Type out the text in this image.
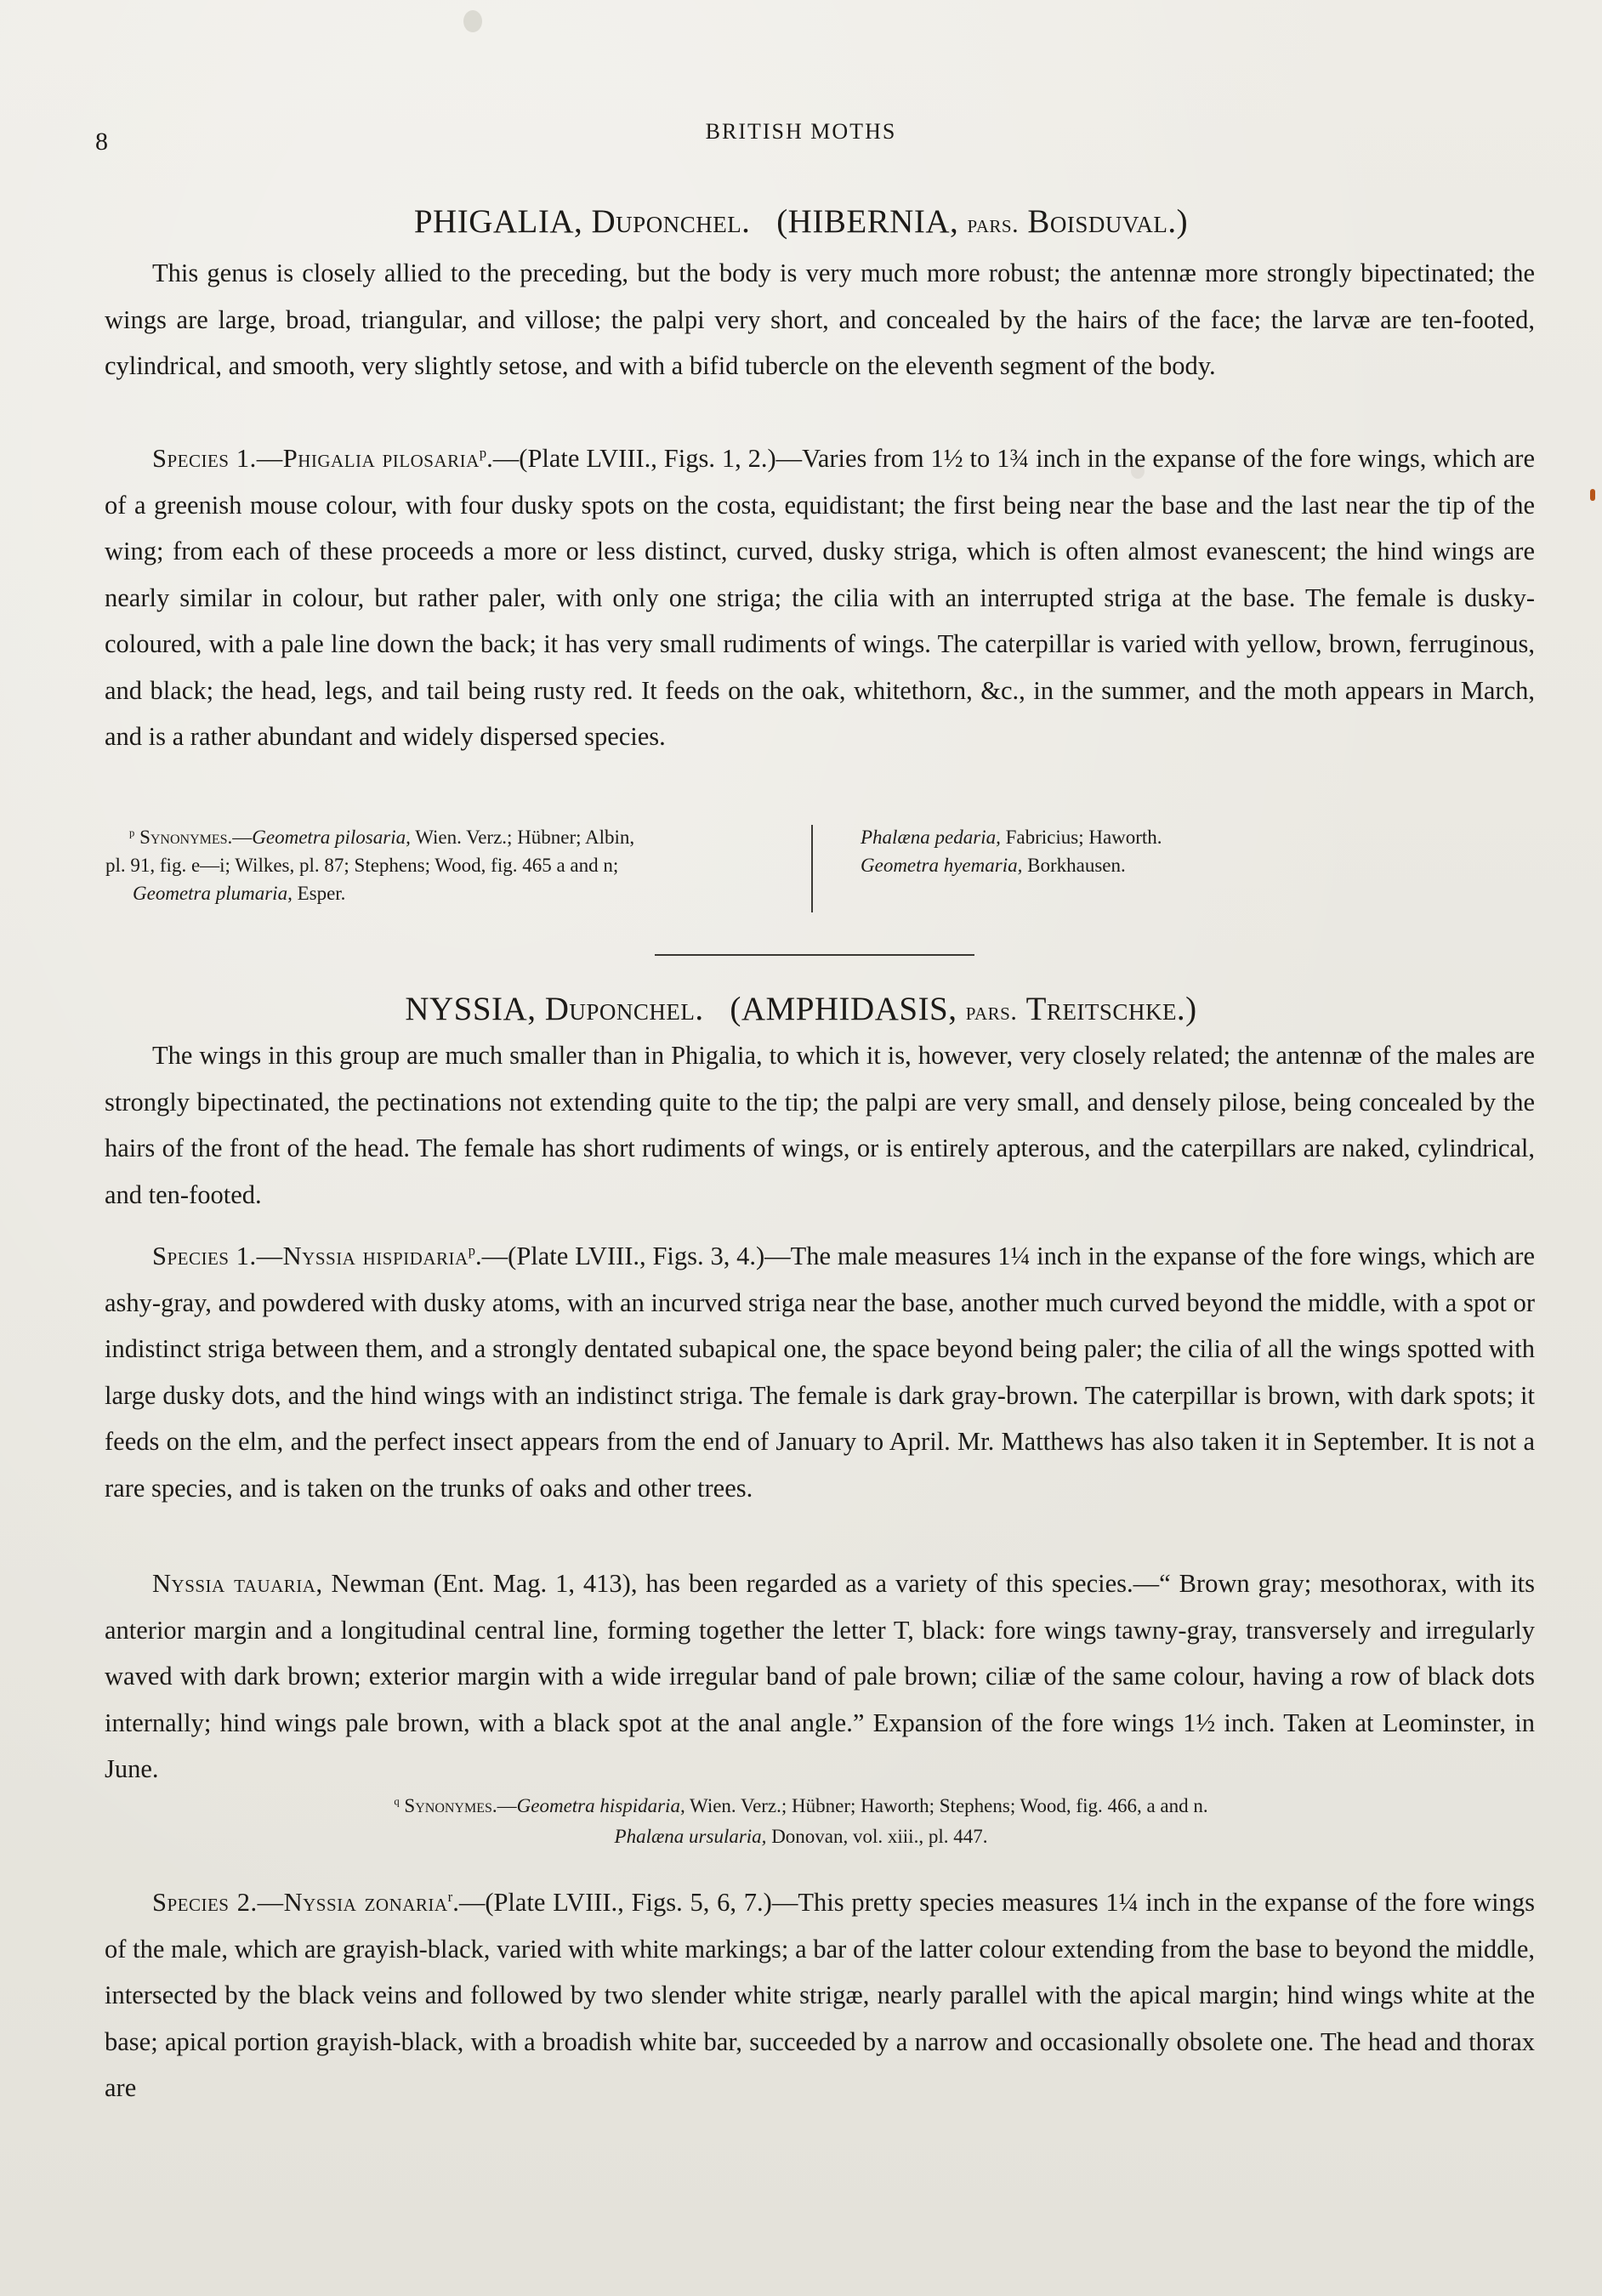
8	BRITISH MOTHS
PHIGALIA, Duponchel. (HIBERNIA, pars. Boisduval.)

This genus is closely allied to the preceding, but the body is very much more robust; the antennæ more strongly bipectinated; the wings are large, broad, triangular, and villose; the palpi very short, and concealed by the hairs of the face; the larvæ are ten-footed, cylindrical, and smooth, very slightly setose, and with a bifid tubercle on the eleventh segment of the body.

Species 1.—Phigalia pilosaria$^p$.—(Plate LVIII., Figs. 1, 2.)—Varies from 1½ to 1¾ inch in the expanse of the fore wings, which are of a greenish mouse colour, with four dusky spots on the costa, equidistant; the first being near the base and the last near the tip of the wing; from each of these proceeds a more or less distinct, curved, dusky striga, which is often almost evanescent; the hind wings are nearly similar in colour, but rather paler, with only one striga; the cilia with an interrupted striga at the base. The female is dusky-coloured, with a pale line down the back; it has very small rudiments of wings. The caterpillar is varied with yellow, brown, ferruginous, and black; the head, legs, and tail being rusty red. It feeds on the oak, whitethorn, &c., in the summer, and the moth appears in March, and is a rather abundant and widely dispersed species.

$^p$ Synonymes.—Geometra pilosaria, Wien. Verz.; Hübner; Albin,
pl. 91, fig. e—i; Wilkes, pl. 87; Stephens; Wood, fig. 465 a and n;
Geometra plumaria, Esper.
Phalæna pedaria, Fabricius; Haworth.
Geometra hyemaria, Borkhausen.
NYSSIA, Duponchel. (AMPHIDASIS, pars. Treitschke.)

The wings in this group are much smaller than in Phigalia, to which it is, however, very closely related; the antennæ of the males are strongly bipectinated, the pectinations not extending quite to the tip; the palpi are very small, and densely pilose, being concealed by the hairs of the front of the head. The female has short rudiments of wings, or is entirely apterous, and the caterpillars are naked, cylindrical, and ten-footed.

Species 1.—Nyssia hispidaria$^p$.—(Plate LVIII., Figs. 3, 4.)—The male measures 1¼ inch in the expanse of the fore wings, which are ashy-gray, and powdered with dusky atoms, with an incurved striga near the base, another much curved beyond the middle, with a spot or indistinct striga between them, and a strongly dentated subapical one, the space beyond being paler; the cilia of all the wings spotted with large dusky dots, and the hind wings with an indistinct striga. The female is dark gray-brown. The caterpillar is brown, with dark spots; it feeds on the elm, and the perfect insect appears from the end of January to April. Mr. Matthews has also taken it in September. It is not a rare species, and is taken on the trunks of oaks and other trees.

Nyssia tauaria, Newman (Ent. Mag. 1, 413), has been regarded as a variety of this species.—“ Brown gray; mesothorax, with its anterior margin and a longitudinal central line, forming together the letter T, black: fore wings tawny-gray, transversely and irregularly waved with dark brown; exterior margin with a wide irregular band of pale brown; ciliæ of the same colour, having a row of black dots internally; hind wings pale brown, with a black spot at the anal angle.” Expansion of the fore wings 1½ inch. Taken at Leominster, in June.

$^q$ Synonymes.—Geometra hispidaria, Wien. Verz.; Hübner; Haworth; Stephens; Wood, fig. 466, a and n.
Phalæna ursularia, Donovan, vol. xiii., pl. 447.

Species 2.—Nyssia zonaria$^r$.—(Plate LVIII., Figs. 5, 6, 7.)—This pretty species measures 1¼ inch in the expanse of the fore wings of the male, which are grayish-black, varied with white markings; a bar of the latter colour extending from the base to beyond the middle, intersected by the black veins and followed by two slender white strigæ, nearly parallel with the apical margin; hind wings white at the base; apical portion grayish-black, with a broadish white bar, succeeded by a narrow and occasionally obsolete one. The head and thorax are
